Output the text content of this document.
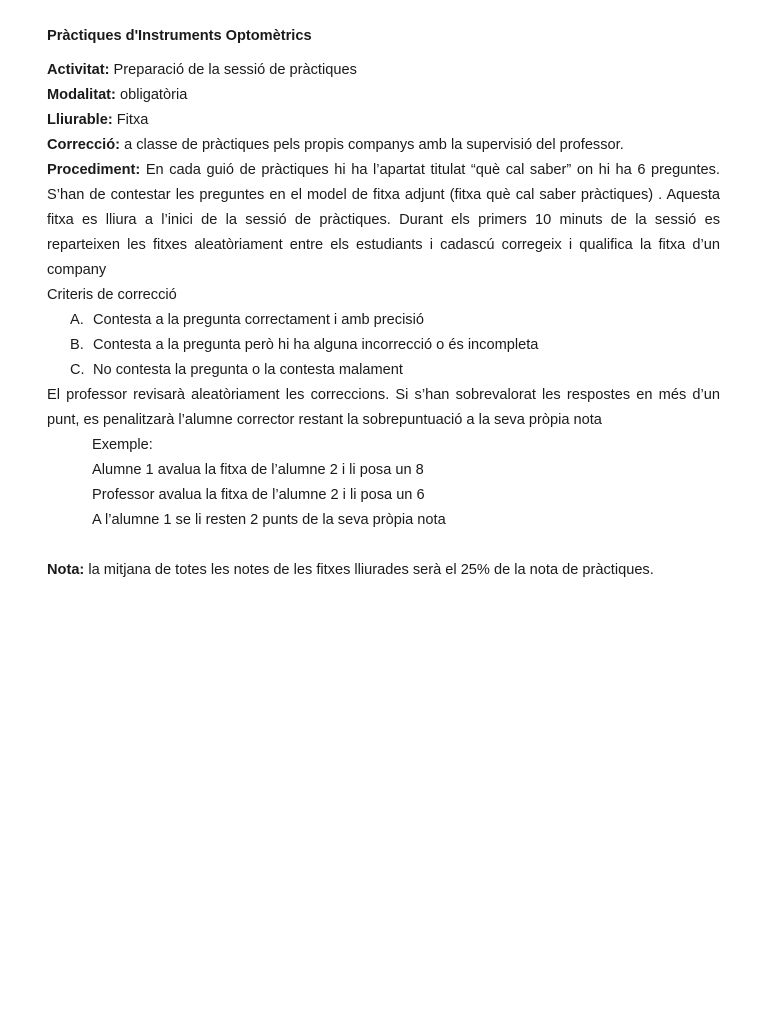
Pràctiques d'Instruments Optomètrics

Activitat: Preparació de la sessió de pràctiques

Modalitat: obligatòria

Lliurable: Fitxa

Correcció: a classe de pràctiques pels propis companys amb la supervisió del professor.

Procediment: En cada guió de pràctiques hi ha l’apartat titulat “què cal saber” on hi ha 6 preguntes. S’han de contestar les preguntes en el model de fitxa adjunt (fitxa què cal saber pràctiques) . Aquesta fitxa es lliura a l’inici de la sessió de pràctiques. Durant els primers 10 minuts de la sessió es reparteixen les fitxes aleatòriament entre els estudiants i cadascú corregeix i qualifica la fitxa d’un company

Criteris de correcció

A. Contesta a la pregunta correctament i amb precisió
B. Contesta a la pregunta però hi ha alguna incorrecció o és incompleta
C. No contesta la pregunta o la contesta malament

El professor revisarà aleatòriament les correccions. Si s’han sobrevalorat les respostes en més d’un punt, es penalitzarà l’alumne corrector restant la sobrepuntuació a la seva pròpia nota

Exemple:
Alumne 1 avalua la fitxa de l’alumne 2 i li posa un 8
Professor avalua la fitxa de l’alumne 2 i li posa un 6
A l’alumne 1 se li resten 2 punts de la seva pròpia nota

Nota: la mitjana de totes les notes de les fitxes lliurades serà el 25% de la nota de pràctiques.
